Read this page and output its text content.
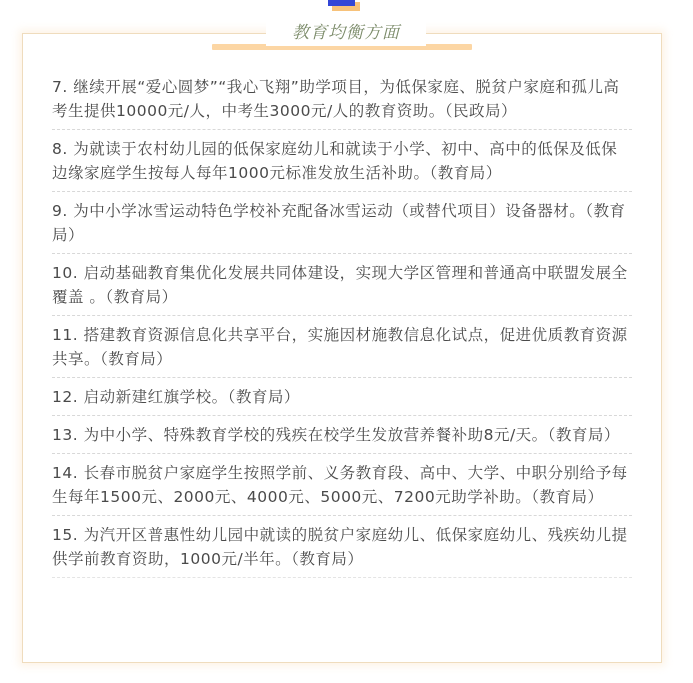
教育均衡方面
7. 继续开展“爱心圆梦”“我心飞翔”助学项目，为低保家庭、脱贫户家庭和孤儿高考生提供10000元/人，中考生3000元/人的教育资助。（民政局）
8. 为就读于农村幼儿园的低保家庭幼儿和就读于小学、初中、高中的低保及低保边缘家庭学生按每人每年1000元标准发放生活补助。（教育局）
9. 为中小学冰雪运动特色学校补充配备冰雪运动（或替代项目）设备器材。（教育局）
10. 启动基础教育集优化发展共同体建设，实现大学区管理和普通高中联盟发展全覆盖 。（教育局）
11. 搭建教育资源信息化共享平台，实施因材施教信息化试点，促进优质教育资源共享。（教育局）
12. 启动新建红旗学校。（教育局）
13. 为中小学、特殊教育学校的残疾在校学生发放营养餐补助8元/天。（教育局）
14. 长春市脱贫户家庭学生按照学前、义务教育段、高中、大学、中职分别给予每生每年1500元、2000元、4000元、5000元、7200元助学补助。（教育局）
15. 为汽开区普惠性幼儿园中就读的脱贫户家庭幼儿、低保家庭幼儿、残疾幼儿提供学前教育资助，1000元/半年。（教育局）
